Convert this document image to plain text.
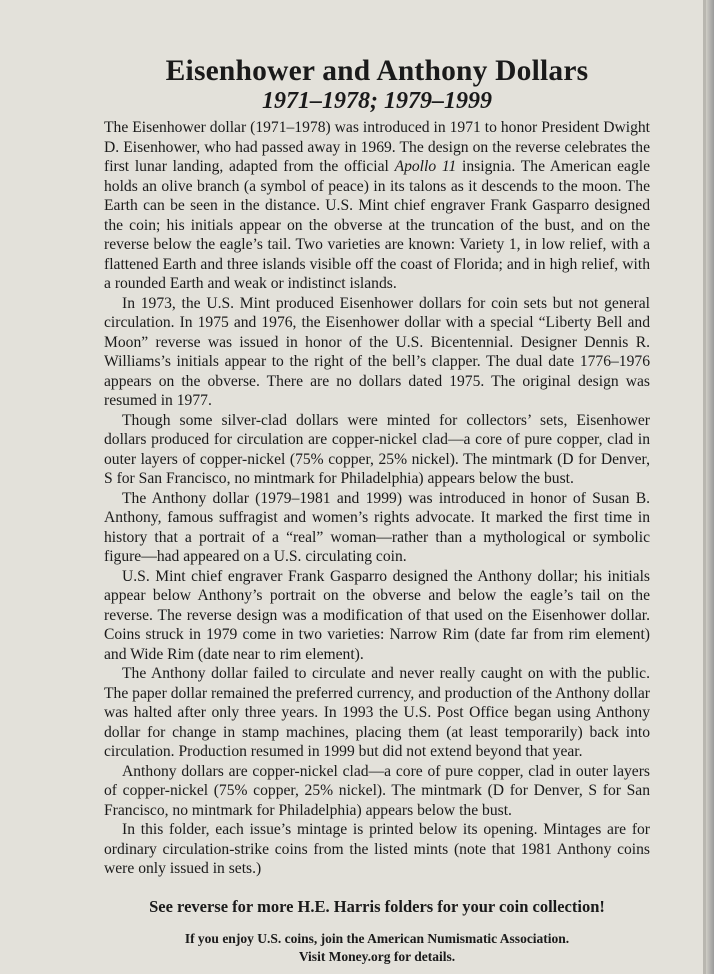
Eisenhower and Anthony Dollars
1971–1978; 1979–1999

The Eisenhower dollar (1971–1978) was introduced in 1971 to honor President Dwight D. Eisenhower, who had passed away in 1969. The design on the reverse celebrates the first lunar landing, adapted from the official Apollo 11 insignia. The American eagle holds an olive branch (a symbol of peace) in its talons as it descends to the moon. The Earth can be seen in the distance. U.S. Mint chief engraver Frank Gasparro designed the coin; his initials appear on the obverse at the truncation of the bust, and on the reverse below the eagle’s tail. Two varieties are known: Variety 1, in low relief, with a flattened Earth and three islands visible off the coast of Florida; and in high relief, with a rounded Earth and weak or indistinct islands.

In 1973, the U.S. Mint produced Eisenhower dollars for coin sets but not general circulation. In 1975 and 1976, the Eisenhower dollar with a special “Liberty Bell and Moon” reverse was issued in honor of the U.S. Bicentennial. Designer Dennis R. Williams’s initials appear to the right of the bell’s clapper. The dual date 1776–1976 appears on the obverse. There are no dollars dated 1975. The original design was resumed in 1977.

Though some silver-clad dollars were minted for collectors’ sets, Eisenhower dollars produced for circulation are copper-nickel clad—a core of pure copper, clad in outer layers of copper-nickel (75% copper, 25% nickel). The mintmark (D for Denver, S for San Francisco, no mintmark for Philadelphia) appears below the bust.

The Anthony dollar (1979–1981 and 1999) was introduced in honor of Susan B. Anthony, famous suffragist and women’s rights advocate. It marked the first time in history that a portrait of a “real” woman—rather than a mythological or symbolic figure—had appeared on a U.S. circulating coin.

U.S. Mint chief engraver Frank Gasparro designed the Anthony dollar; his initials appear below Anthony’s portrait on the obverse and below the eagle’s tail on the reverse. The reverse design was a modification of that used on the Eisenhower dollar. Coins struck in 1979 come in two varieties: Narrow Rim (date far from rim element) and Wide Rim (date near to rim element).

The Anthony dollar failed to circulate and never really caught on with the public. The paper dollar remained the preferred currency, and production of the Anthony dollar was halted after only three years. In 1993 the U.S. Post Office began using Anthony dollar for change in stamp machines, placing them (at least temporarily) back into circulation. Production resumed in 1999 but did not extend beyond that year.

Anthony dollars are copper-nickel clad—a core of pure copper, clad in outer layers of copper-nickel (75% copper, 25% nickel). The mintmark (D for Denver, S for San Francisco, no mintmark for Philadelphia) appears below the bust.

In this folder, each issue’s mintage is printed below its opening. Mintages are for ordinary circulation-strike coins from the listed mints (note that 1981 Anthony coins were only issued in sets.)

See reverse for more H.E. Harris folders for your coin collection!
If you enjoy U.S. coins, join the American Numismatic Association.
Visit Money.org for details.
